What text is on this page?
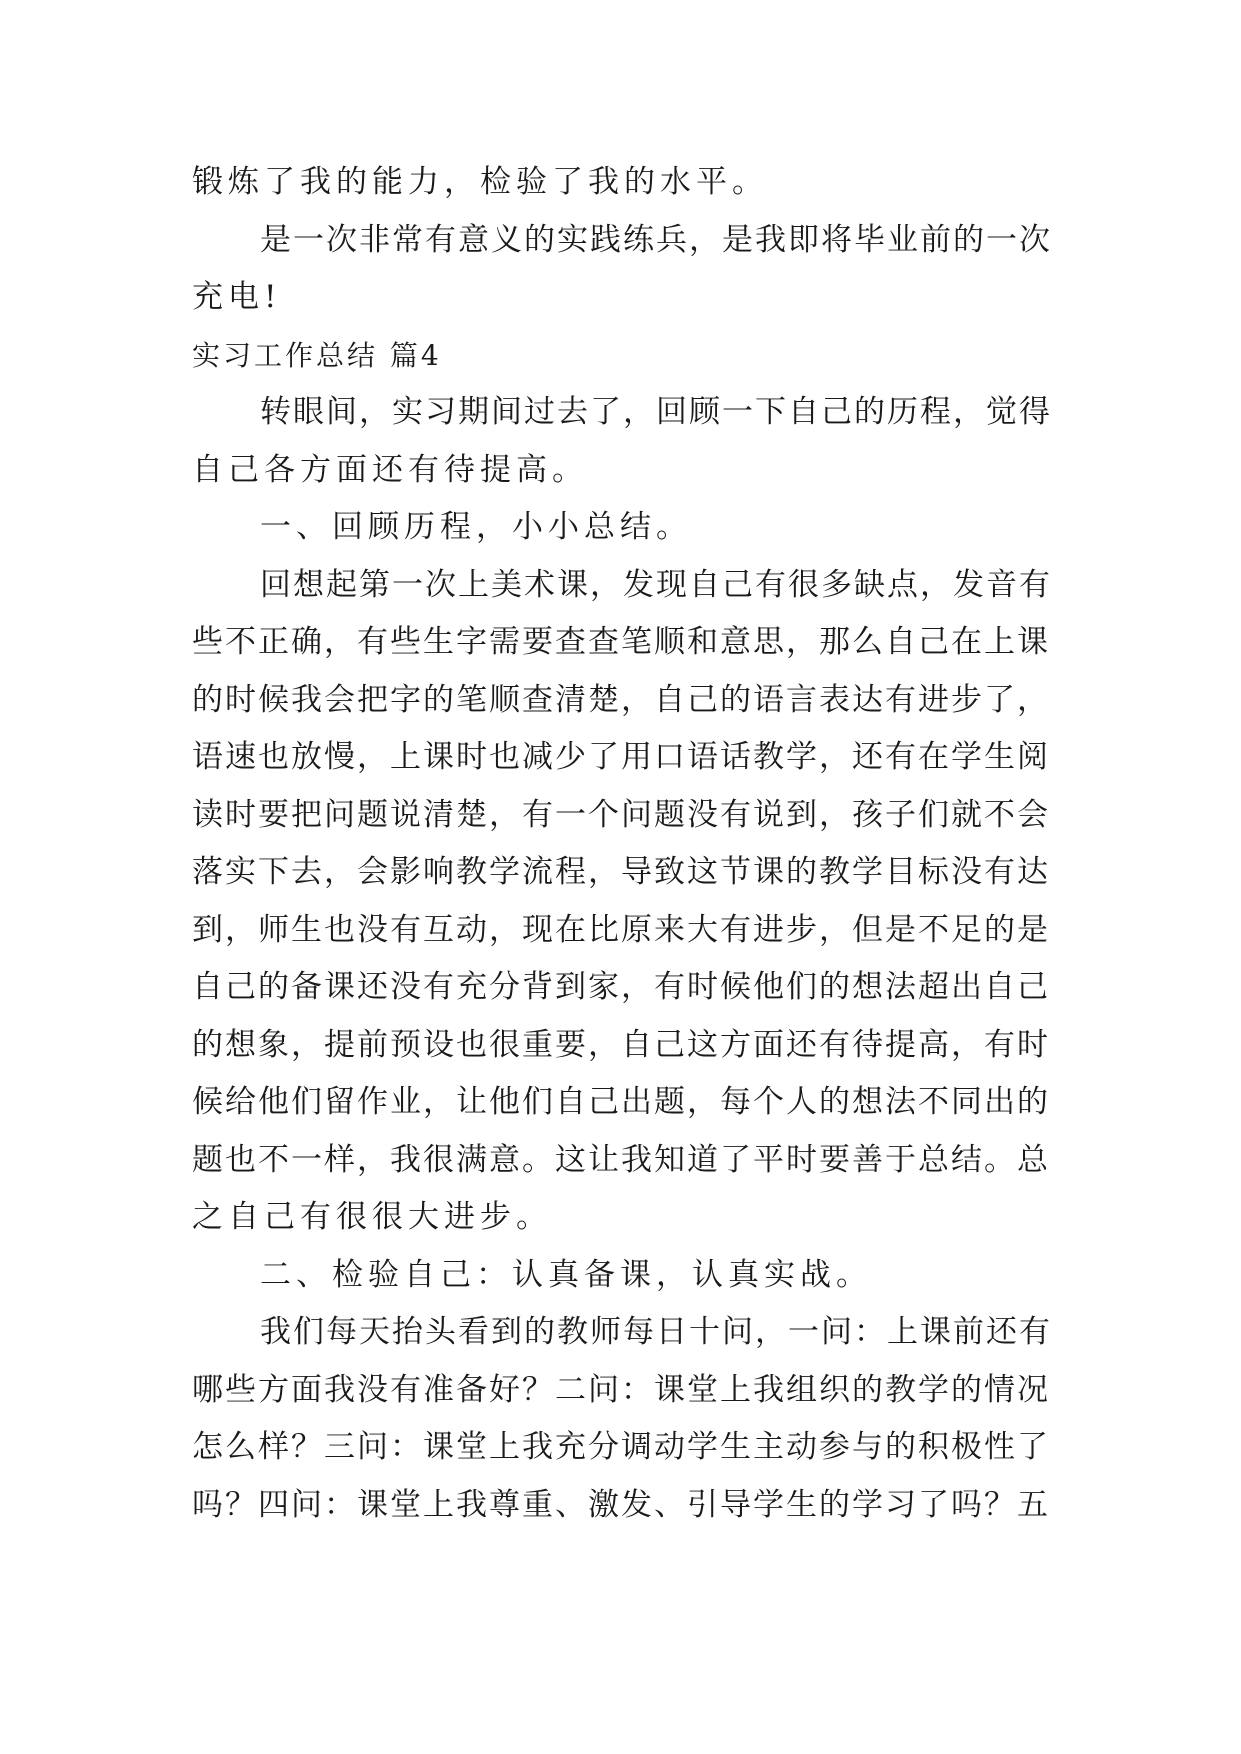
锻炼了我的能力，检验了我的水平。
是一次非常有意义的实践练兵，是我即将毕业前的一次
充电!
实习工作总结 篇4
转眼间，实习期间过去了，回顾一下自己的历程，觉得
自己各方面还有待提高。
一、回顾历程，小小总结。
回想起第一次上美术课，发现自己有很多缺点，发音有
些不正确，有些生字需要查查笔顺和意思，那么自己在上课
的时候我会把字的笔顺查清楚，自己的语言表达有进步了，
语速也放慢，上课时也减少了用口语话教学，还有在学生阅
读时要把问题说清楚，有一个问题没有说到，孩子们就不会
落实下去，会影响教学流程，导致这节课的教学目标没有达
到，师生也没有互动，现在比原来大有进步，但是不足的是
自己的备课还没有充分背到家，有时候他们的想法超出自己
的想象，提前预设也很重要，自己这方面还有待提高，有时
候给他们留作业，让他们自己出题，每个人的想法不同出的
题也不一样，我很满意。这让我知道了平时要善于总结。总
之自己有很很大进步。
二、检验自己：认真备课，认真实战。
我们每天抬头看到的教师每日十问，一问：上课前还有
哪些方面我没有准备好？二问：课堂上我组织的教学的情况
怎么样？三问：课堂上我充分调动学生主动参与的积极性了
吗？四问：课堂上我尊重、激发、引导学生的学习了吗？五
